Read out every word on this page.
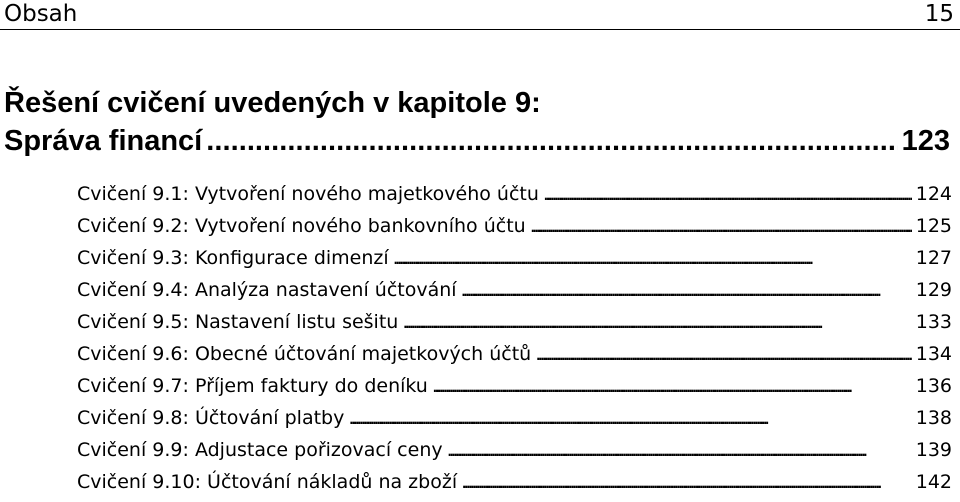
Obsah	15
Řešení cvičení uvedených v kapitole 9:
Správa financí . . .	123
Cvičení 9.1: Vytvoření nového majetkového účtu . . .	124
Cvičení 9.2: Vytvoření nového bankovního účtu . . .	125
Cvičení 9.3: Konfigurace dimenzí . . .	127
Cvičení 9.4: Analýza nastavení účtování . . .	129
Cvičení 9.5: Nastavení listu sešitu . . .	133
Cvičení 9.6: Obecné účtování majetkových účtů . . .	134
Cvičení 9.7: Příjem faktury do deníku . . .	136
Cvičení 9.8: Účtování platby . . .	138
Cvičení 9.9: Adjustace pořizovací ceny . . .	139
Cvičení 9.10: Účtování nákladů na zboží . . .	142
